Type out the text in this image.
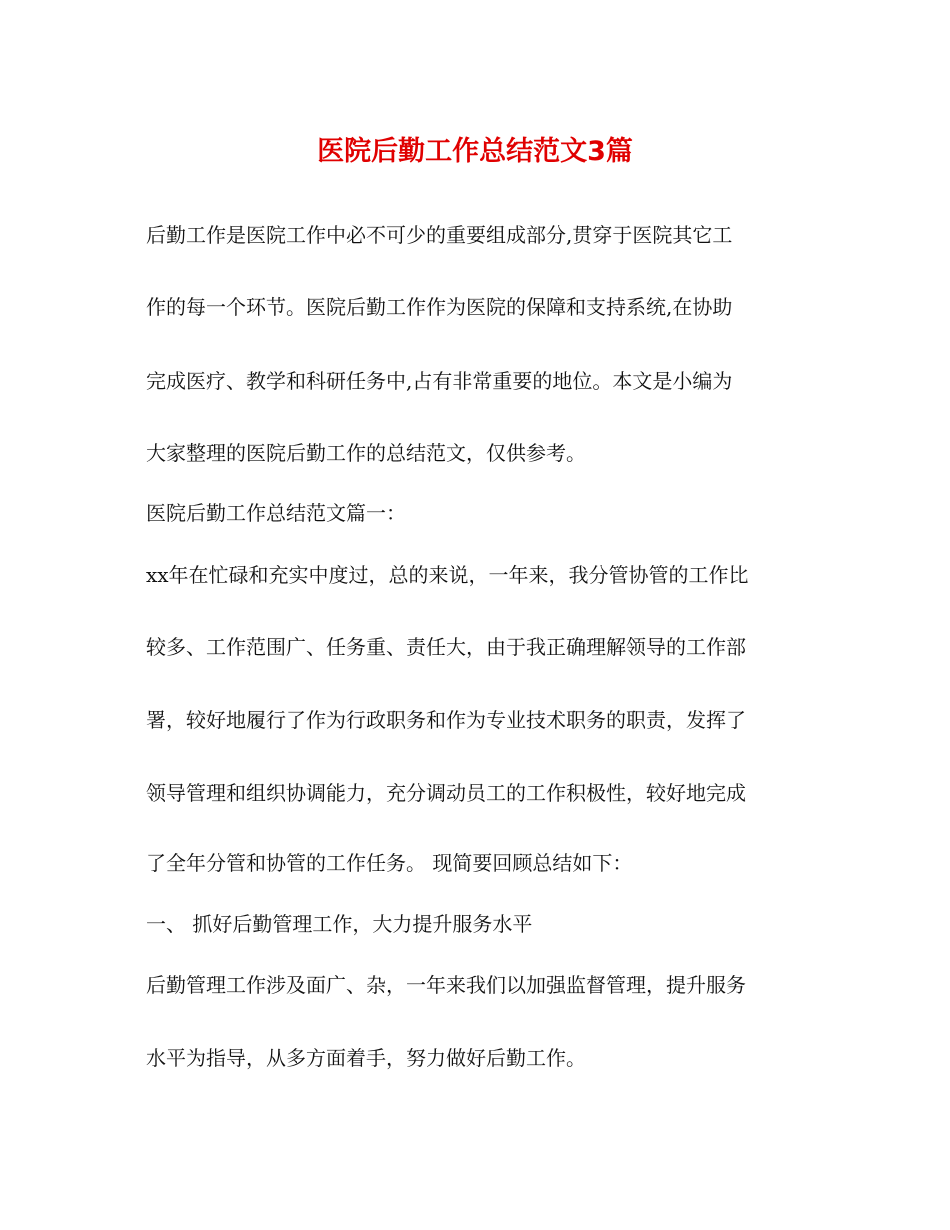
医院后勤工作总结范文3篇
后勤工作是医院工作中必不可少的重要组成部分,贯穿于医院其它工
作的每一个环节。医院后勤工作作为医院的保障和支持系统,在协助
完成医疗、教学和科研任务中,占有非常重要的地位。本文是小编为
大家整理的医院后勤工作的总结范文，仅供参考。
医院后勤工作总结范文篇一：
xx年在忙碌和充实中度过，总的来说，一年来，我分管协管的工作比
较多、工作范围广、任务重、责任大，由于我正确理解领导的工作部
署，较好地履行了作为行政职务和作为专业技术职务的职责，发挥了
领导管理和组织协调能力，充分调动员工的工作积极性，较好地完成
了全年分管和协管的工作任务。 现简要回顾总结如下：
一、 抓好后勤管理工作，大力提升服务水平
后勤管理工作涉及面广、杂，一年来我们以加强监督管理，提升服务
水平为指导，从多方面着手，努力做好后勤工作。
